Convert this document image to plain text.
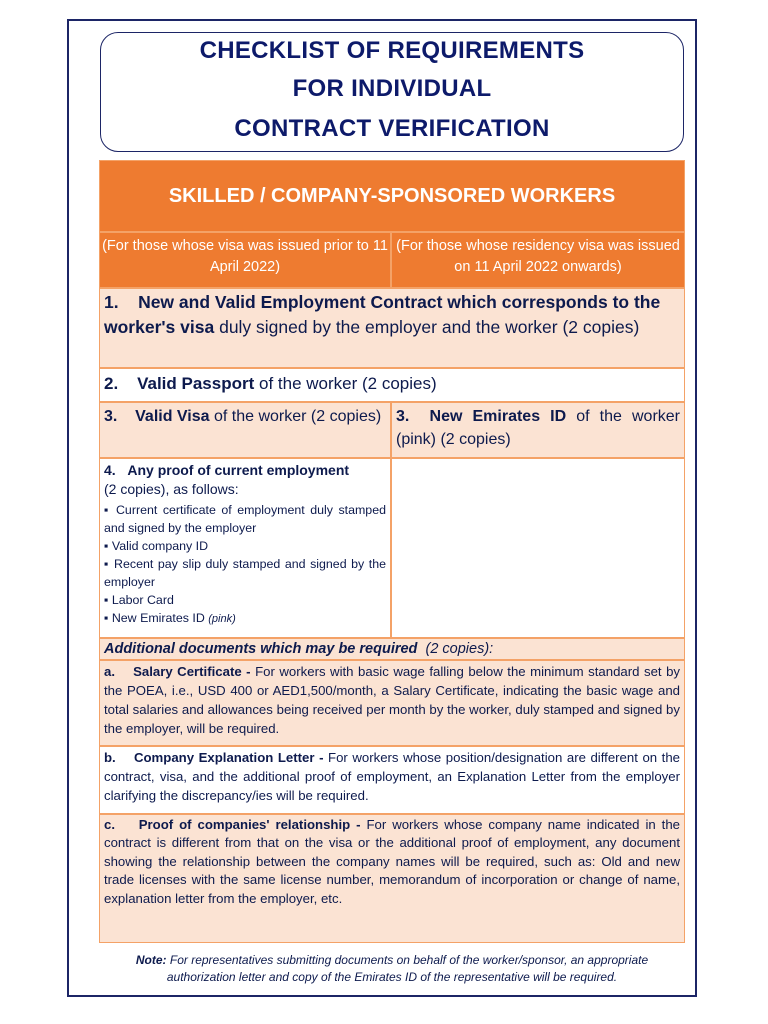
CHECKLIST OF REQUIREMENTS
FOR INDIVIDUAL
CONTRACT VERIFICATION
SKILLED / COMPANY-SPONSORED WORKERS
(For those whose visa was issued prior to 11 April 2022)
(For those whose residency visa was issued on 11 April 2022 onwards)
1. New and Valid Employment Contract which corresponds to the worker's visa duly signed by the employer and the worker (2 copies)
2. Valid Passport of the worker (2 copies)
3. Valid Visa of the worker (2 copies) 3. New Emirates ID of the worker (pink) (2 copies)
4. Any proof of current employment
(2 copies), as follows:
▪ Current certificate of employment duly stamped and signed by the employer
▪ Valid company ID
▪ Recent pay slip duly stamped and signed by the employer
▪ Labor Card
▪ New Emirates ID (pink)
Additional documents which may be required (2 copies):
a. Salary Certificate - For workers with basic wage falling below the minimum standard set by the POEA, i.e., USD 400 or AED1,500/month, a Salary Certificate, indicating the basic wage and total salaries and allowances being received per month by the worker, duly stamped and signed by the employer, will be required.
b. Company Explanation Letter - For workers whose position/designation are different on the contract, visa, and the additional proof of employment, an Explanation Letter from the employer clarifying the discrepancy/ies will be required.
c. Proof of companies' relationship - For workers whose company name indicated in the contract is different from that on the visa or the additional proof of employment, any document showing the relationship between the company names will be required, such as: Old and new trade licenses with the same license number, memorandum of incorporation or change of name, explanation letter from the employer, etc.
Note: For representatives submitting documents on behalf of the worker/sponsor, an appropriate authorization letter and copy of the Emirates ID of the representative will be required.
